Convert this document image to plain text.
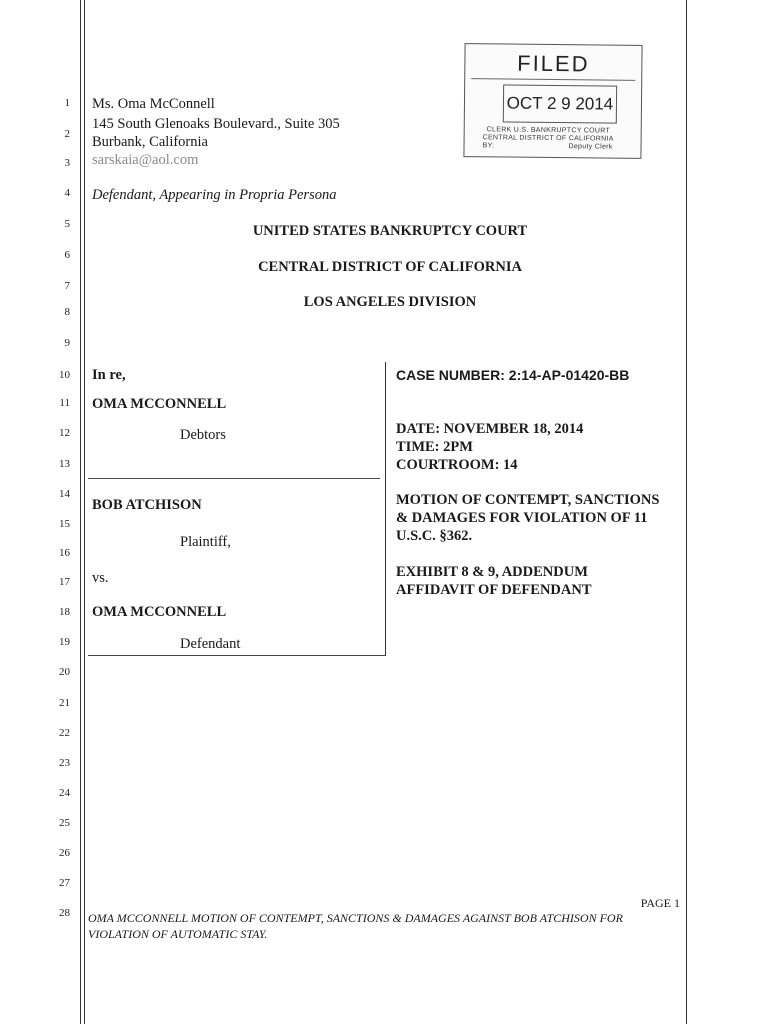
1
2
3
4
5
6
7
8
9
10
11
12
13
14
15
16
17
18
19
20
21
22
23
24
25
26
27
28
Ms. Oma McConnell
145 South Glenoaks Boulevard., Suite 305
Burbank, California
sarskaia@aol.com
Defendant, Appearing in Propria Persona
FILED
OCT 2 9 2014
CLERK U.S. BANKRUPTCY COURT
CENTRAL DISTRICT OF CALIFORNIA
BY:	Deputy Clerk
UNITED STATES BANKRUPTCY COURT
CENTRAL DISTRICT OF CALIFORNIA
LOS ANGELES DIVISION
In re,
OMA MCCONNELL
Debtors
BOB ATCHISON
Plaintiff,
vs.
OMA MCCONNELL
Defendant
CASE NUMBER: 2:14-AP-01420-BB
DATE: NOVEMBER 18, 2014
TIME: 2PM
COURTROOM: 14
MOTION OF CONTEMPT, SANCTIONS
& DAMAGES FOR VIOLATION OF 11
U.S.C. §362.
EXHIBIT 8 & 9, ADDENDUM
AFFIDAVIT OF DEFENDANT
PAGE 1
OMA MCCONNELL MOTION OF CONTEMPT, SANCTIONS & DAMAGES AGAINST BOB ATCHISON FOR
VIOLATION OF AUTOMATIC STAY.
